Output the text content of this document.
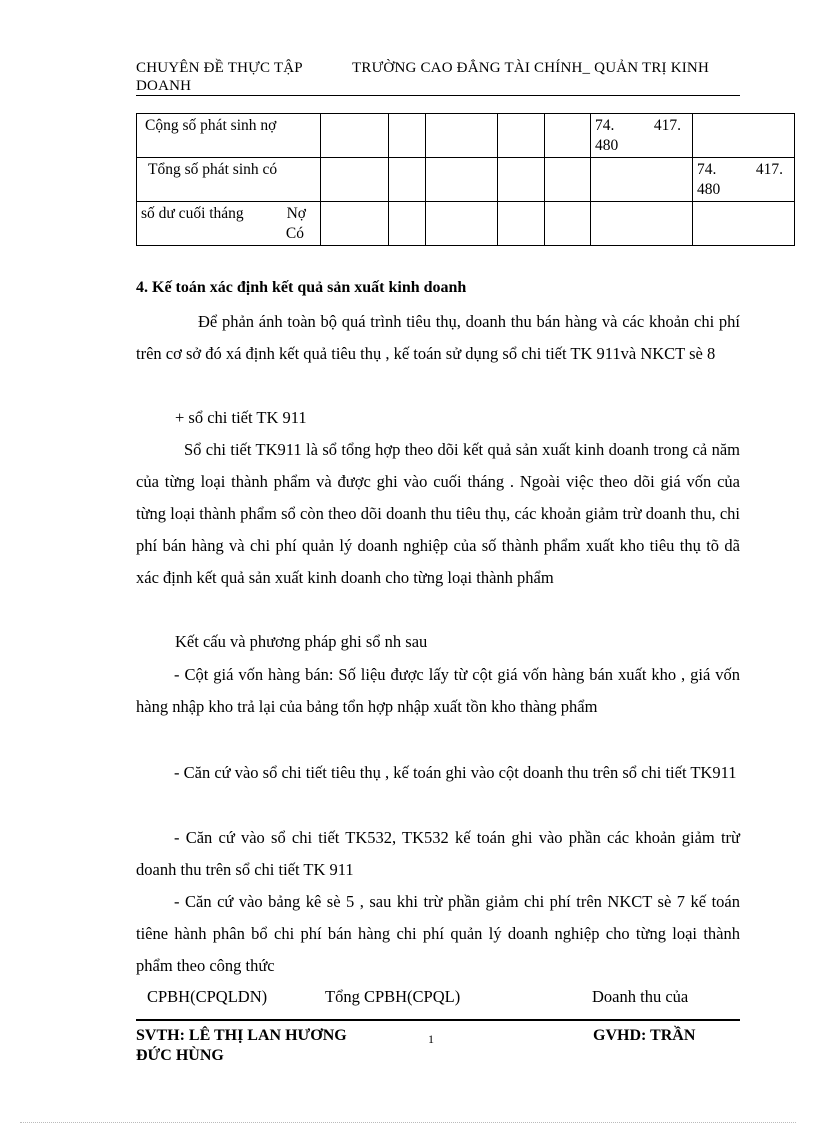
CHUYÊN ĐỀ THỰC TẬP	TRƯỜNG CAO ĐẲNG TÀI CHÍNH_ QUẢN TRỊ KINH
DOANH
Cộng số phát sinh nợ						74. 417.
480	

Tổng số phát sinh có							74. 417.
480

số dư cuối tháng Nợ
Có							

4. Kế toán xác định kết quả sản xuất kinh doanh
Để phản ánh toàn bộ quá trình tiêu thụ, doanh thu bán hàng và các khoản chi phí trên cơ sở đó xá định kết quả tiêu thụ , kế toán sử dụng sổ chi tiết TK 911và NKCT sè 8
+ sổ chi tiết TK 911
Sổ chi tiết TK911 là sổ tổng hợp theo dõi kết quả sản xuất kinh doanh trong cả năm của từng loại thành phẩm và được ghi vào cuối tháng . Ngoài việc theo dõi giá vốn của từng loại thành phẩm sổ còn theo dõi doanh thu tiêu thụ, các khoản giảm trừ doanh thu, chi phí bán hàng và chi phí quản lý doanh nghiệp của số thành phẩm xuất kho tiêu thụ tõ dã xác định kết quả sản xuất kinh doanh cho từng loại thành phẩm
Kết cấu và phương pháp ghi sổ nh sau
- Cột giá vốn hàng bán: Số liệu được lấy từ cột giá vốn hàng bán xuất kho , giá vốn hàng nhập kho trả lại của bảng tổn hợp nhập xuất tồn kho thàng phẩm
- Căn cứ vào sổ chi tiết tiêu thụ , kế toán ghi vào cột doanh thu trên sổ chi tiết TK911
- Căn cứ vào sổ chi tiết TK532, TK532 kế toán ghi vào phần các khoản giảm trừ doanh thu trên sổ chi tiết TK 911
- Căn cứ vào bảng kê sè 5 , sau khi trừ phần giảm chi phí trên NKCT sè 7 kế toán tiêne hành phân bổ chi phí bán hàng chi phí quản lý doanh nghiệp cho từng loại thành phẩm theo công thức
CPBH(CPQLDN)	Tổng CPBH(CPQL)	Doanh thu của
SVTH: LÊ THỊ LAN HƯƠNG	1	GVHD: TRẦN
ĐỨC HÙNG
